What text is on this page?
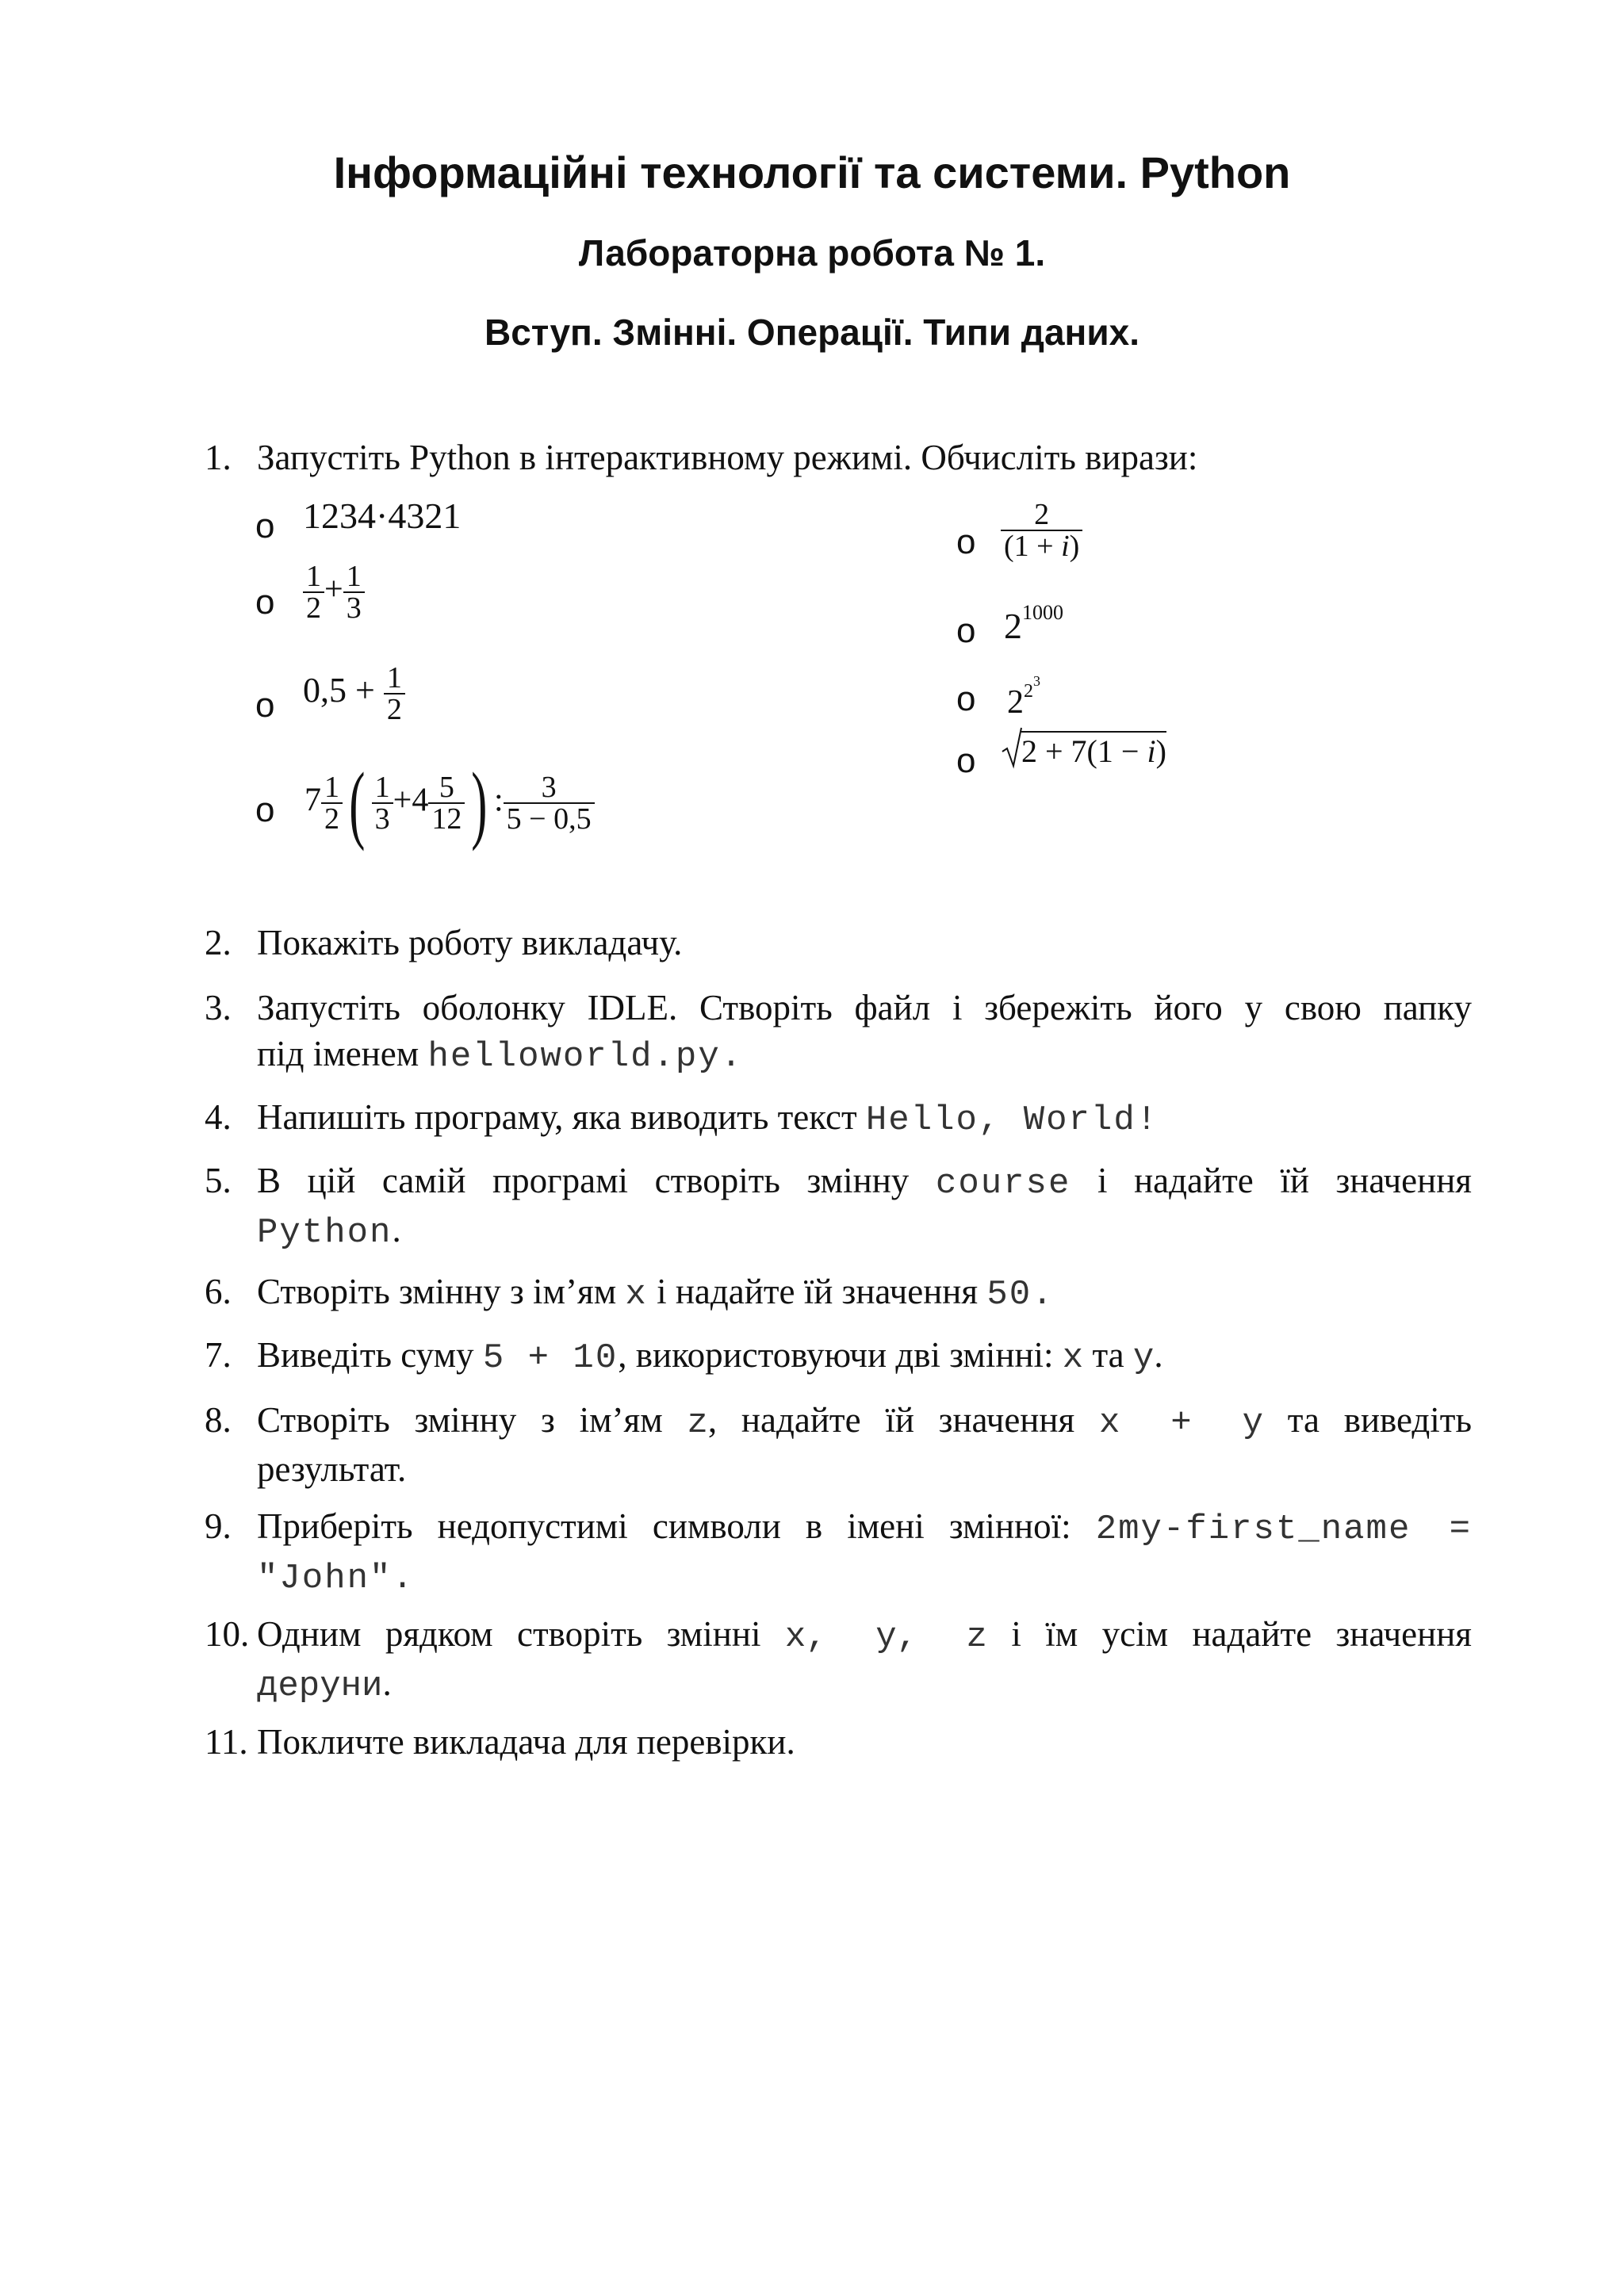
Інформаційні технології та системи. Python
Лабораторна робота № 1.
Вступ. Змінні. Операції. Типи даних.
1. Запустіть Python в інтерактивному режимі. Обчисліть вирази:
o 1234·4321
o $\frac{1}{2} + \frac{1}{3}$
o $0,5 + \frac{1}{2}$
o $7 \frac{1}{2}$ ( $\frac{1}{3} +4 \frac{5}{12}$ ) : $\frac{3}{5 - 0,5}$
o $\frac{2}{(1 + i)}$
o $2^{1000}$
o $2^{2^3}$
o	2 + 7(1 − i)
2. Покажіть роботу викладачу.
3. Запустіть оболонку IDLE. Створіть файл і збережіть його у свою папку
під іменем helloworld.py.
4. Напишіть програму, яка виводить текст Hello, World!
5. В цій самій програмі створіть змінну course і надайте їй значення
Python.
6. Створіть змінну з ім’ям x і надайте їй значення 50.
7. Виведіть суму 5 + 10, використовуючи дві змінні: x та y.
8. Створіть змінну з ім’ям z, надайте їй значення x + y та виведіть
результат.
9. Приберіть недопустимі символи в імені змінної: 2my-first_name =
"John".
10. Одним рядком створіть змінні x, y, z і їм усім надайте значення
деруни.
11. Покличте викладача для перевірки.
